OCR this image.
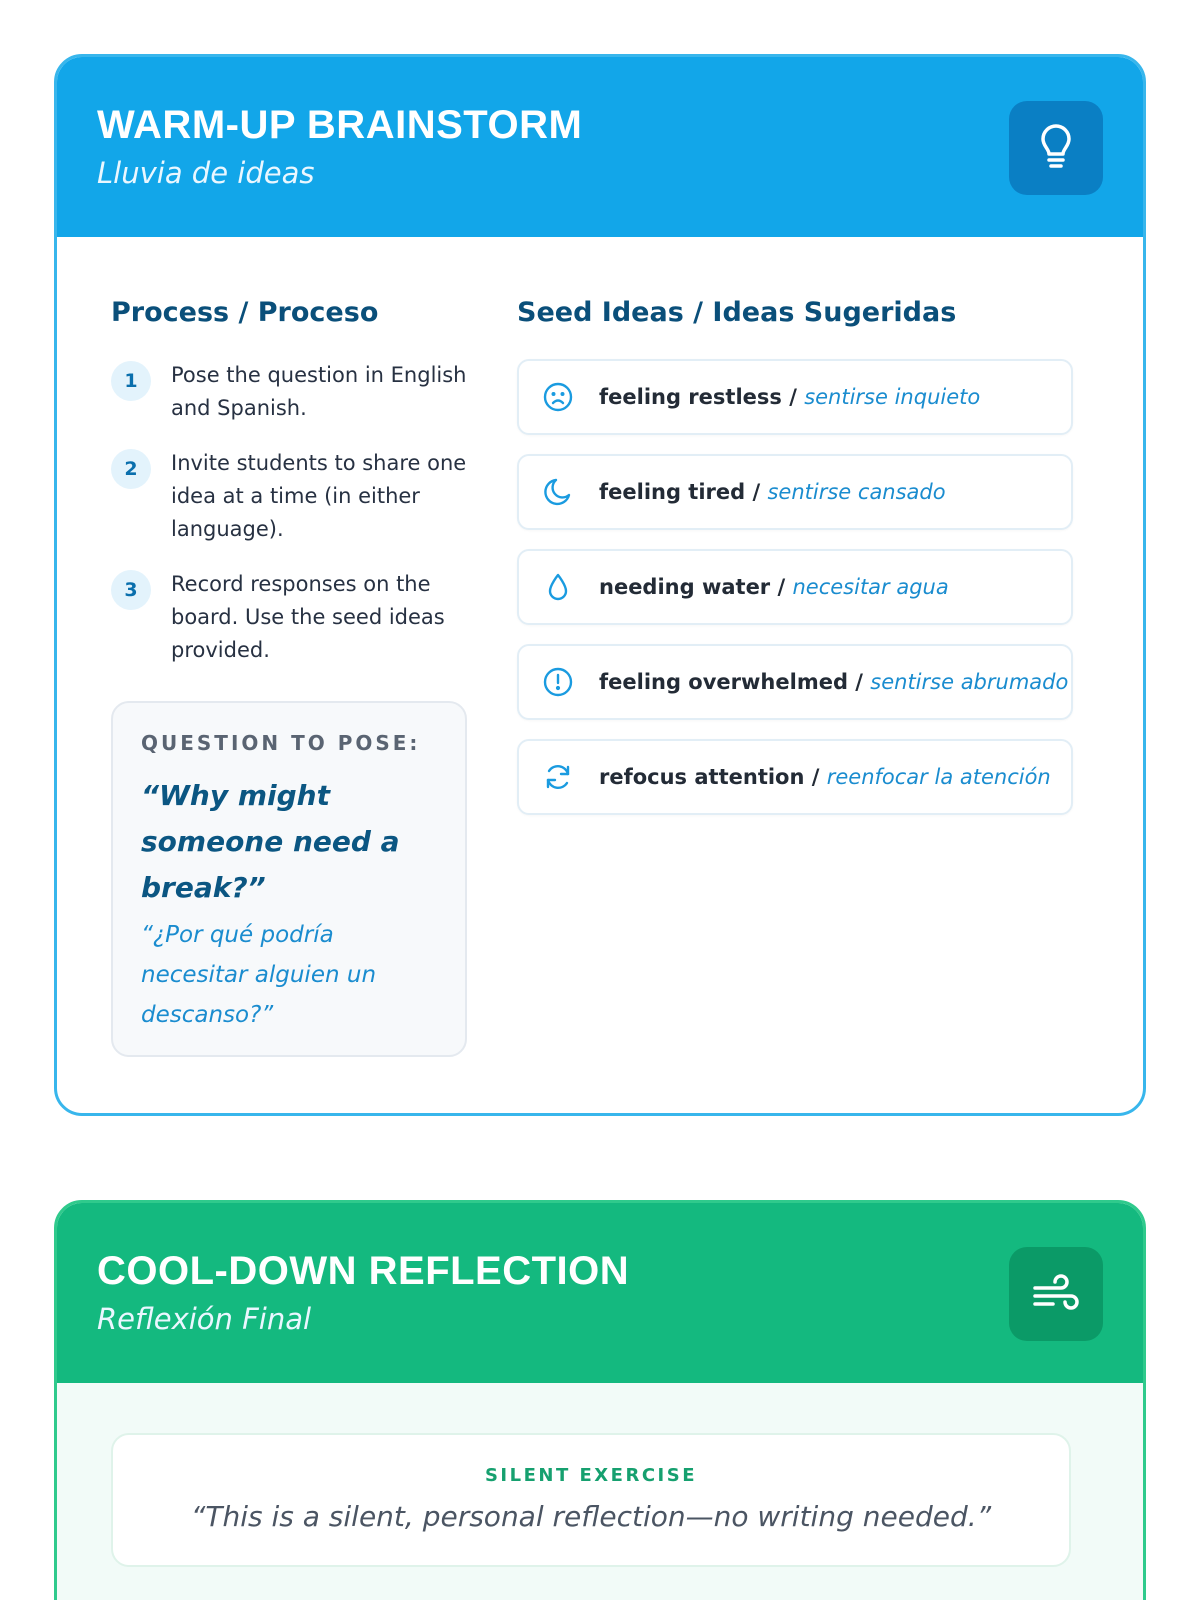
WARM-UP BRAINSTORM
Lluvia de ideas
Process / Proceso
1	Pose the question in English and Spanish.
2	Invite students to share one idea at a time (in either language).
3	Record responses on the board. Use the seed ideas provided.
QUESTION TO POSE:
“Why might someone need a break?”
“¿Por qué podría necesitar alguien un descanso?”
Seed Ideas / Ideas Sugeridas
feeling restless / sentirse inquieto
feeling tired / sentirse cansado
needing water / necesitar agua
feeling overwhelmed / sentirse abrumado
refocus attention / reenfocar la atención
COOL-DOWN REFLECTION
Reflexión Final
SILENT EXERCISE
“This is a silent, personal reflection—no writing needed.”
